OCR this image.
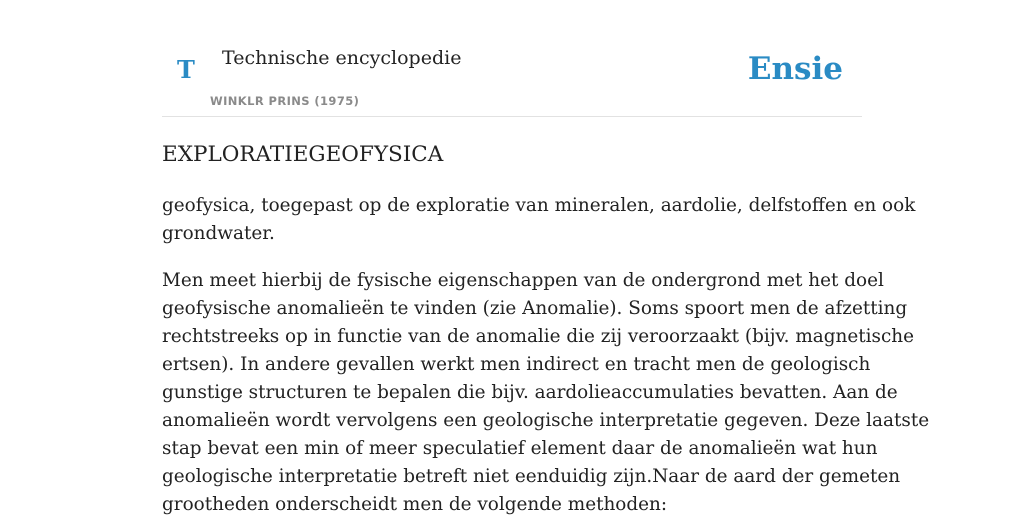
T Technische encyclopedie
WINKLR PRINS (1975)
Ensie
EXPLORATIEGEOFYSICA

geofysica, toegepast op de exploratie van mineralen, aardolie, delfstoffen en ook
grondwater.

Men meet hierbij de fysische eigenschappen van de ondergrond met het doel
geofysische anomalieën te vinden (zie Anomalie). Soms spoort men de afzetting
rechtstreeks op in functie van de anomalie die zij veroorzaakt (bijv. magnetische
ertsen). In andere gevallen werkt men indirect en tracht men de geologisch
gunstige structuren te bepalen die bijv. aardolieaccumulaties bevatten. Aan de
anomalieën wordt vervolgens een geologische interpretatie gegeven. Deze laatste
stap bevat een min of meer speculatief element daar de anomalieën wat hun
geologische interpretatie betreft niet eenduidig zijn.Naar de aard der gemeten
grootheden onderscheidt men de volgende methoden:
